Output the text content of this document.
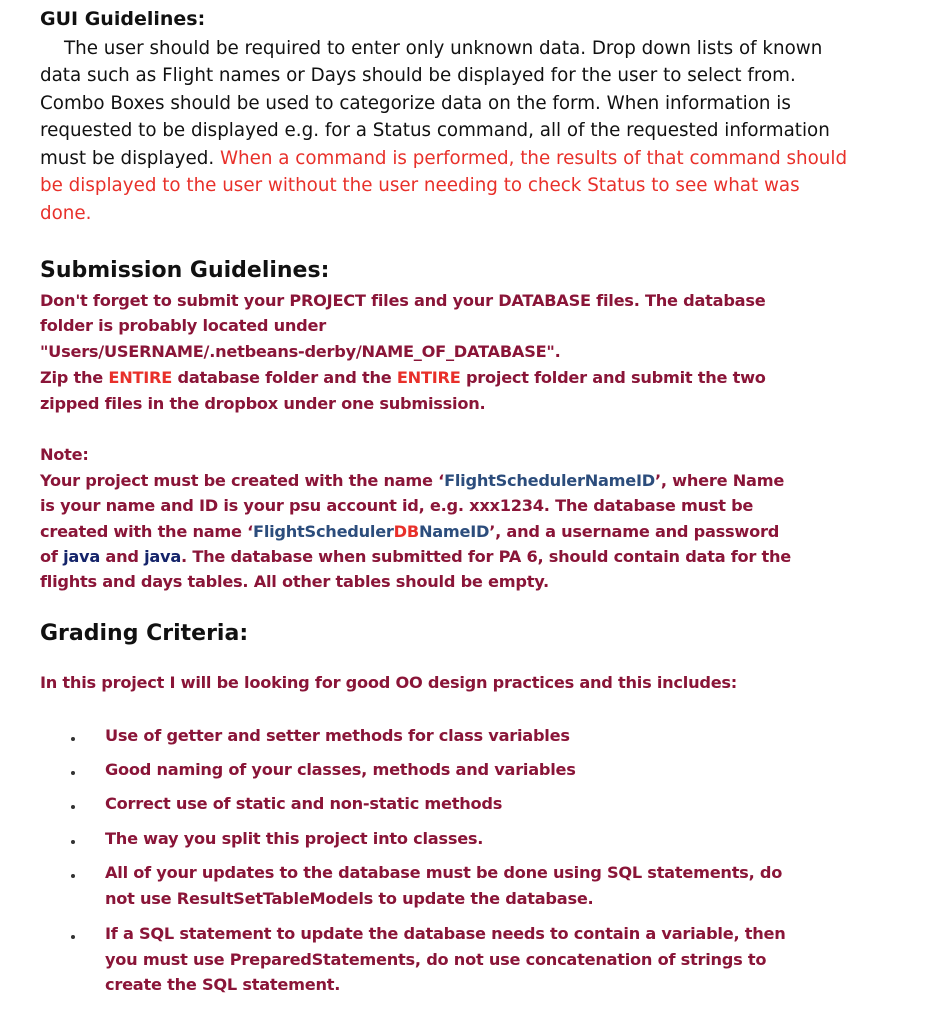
GUI Guidelines:
The user should be required to enter only unknown data. Drop down lists of known
data such as Flight names or Days should be displayed for the user to select from.
Combo Boxes should be used to categorize data on the form. When information is
requested to be displayed e.g. for a Status command, all of the requested information
must be displayed. When a command is performed, the results of that command should
be displayed to the user without the user needing to check Status to see what was
done.
Submission Guidelines:
Don't forget to submit your PROJECT files and your DATABASE files. The database
folder is probably located under
"Users/USERNAME/.netbeans-derby/NAME_OF_DATABASE".
Zip the ENTIRE database folder and the ENTIRE project folder and submit the two
zipped files in the dropbox under one submission.
Note:
Your project must be created with the name ‘FlightSchedulerNameID’, where Name
is your name and ID is your psu account id, e.g. xxx1234. The database must be
created with the name ‘FlightSchedulerDBNameID’, and a username and password
of java and java. The database when submitted for PA 6, should contain data for the
flights and days tables. All other tables should be empty.
Grading Criteria:
In this project I will be looking for good OO design practices and this includes:
Use of getter and setter methods for class variables
Good naming of your classes, methods and variables
Correct use of static and non-static methods
The way you split this project into classes.
All of your updates to the database must be done using SQL statements, do
not use ResultSetTableModels to update the database.
If a SQL statement to update the database needs to contain a variable, then
you must use PreparedStatements, do not use concatenation of strings to
create the SQL statement.
